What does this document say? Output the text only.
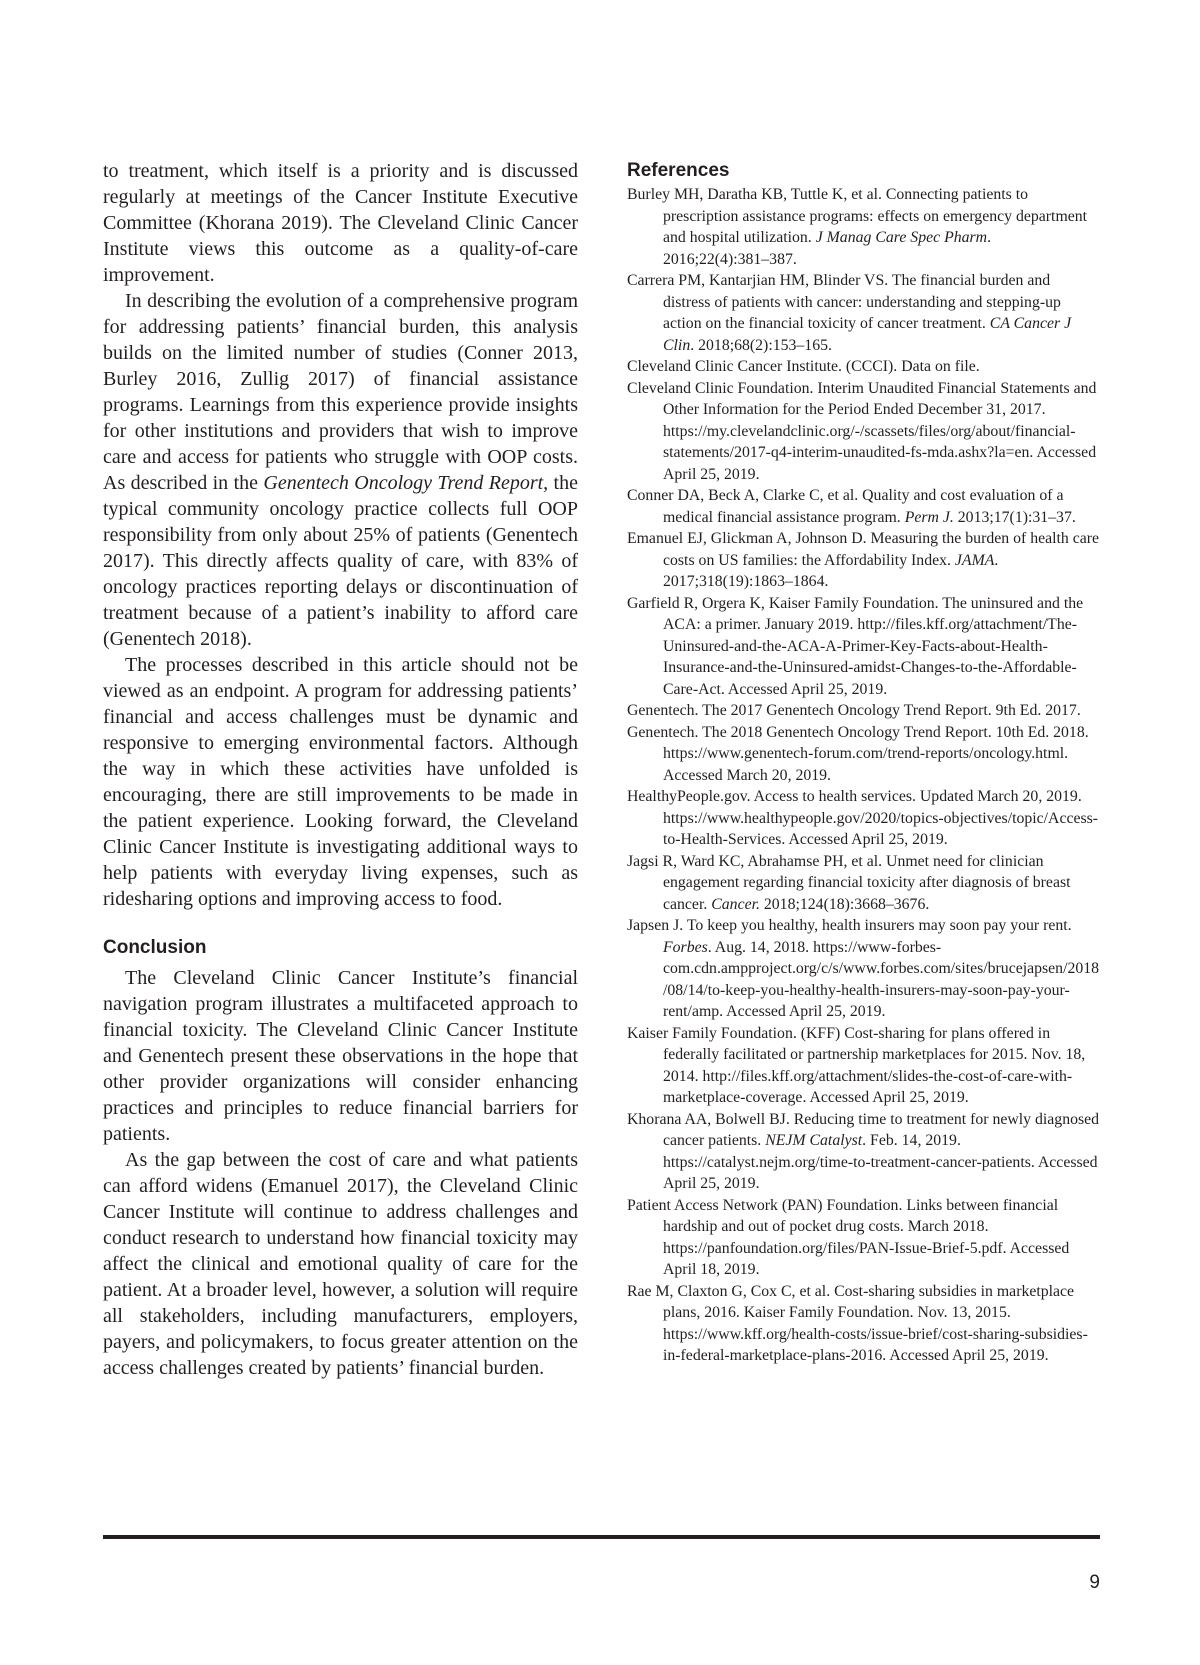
to treatment, which itself is a priority and is discussed regularly at meetings of the Cancer Institute Executive Committee (Khorana 2019). The Cleveland Clinic Cancer Institute views this outcome as a quality-of-care improvement.

In describing the evolution of a comprehensive program for addressing patients’ financial burden, this analysis builds on the limited number of studies (Conner 2013, Burley 2016, Zullig 2017) of financial assistance programs. Learnings from this experience provide insights for other institutions and providers that wish to improve care and access for patients who struggle with OOP costs. As described in the Genentech Oncology Trend Report, the typical community oncology practice collects full OOP responsibility from only about 25% of patients (Genentech 2017). This directly affects quality of care, with 83% of oncology practices reporting delays or discontinuation of treatment because of a patient’s inability to afford care (Genentech 2018).

The processes described in this article should not be viewed as an endpoint. A program for addressing patients’ financial and access challenges must be dynamic and responsive to emerging environmental factors. Although the way in which these activities have unfolded is encouraging, there are still improvements to be made in the patient experience. Looking forward, the Cleveland Clinic Cancer Institute is investigating additional ways to help patients with everyday living expenses, such as ridesharing options and improving access to food.

Conclusion

The Cleveland Clinic Cancer Institute’s financial navigation program illustrates a multifaceted approach to financial toxicity. The Cleveland Clinic Cancer Institute and Genentech present these observations in the hope that other provider organizations will consider enhancing practices and principles to reduce financial barriers for patients.

As the gap between the cost of care and what patients can afford widens (Emanuel 2017), the Cleveland Clinic Cancer Institute will continue to address challenges and conduct research to understand how financial toxicity may affect the clinical and emotional quality of care for the patient. At a broader level, however, a solution will require all stakeholders, including manufacturers, employers, payers, and policymakers, to focus greater attention on the access challenges created by patients’ financial burden.

References

Burley MH, Daratha KB, Tuttle K, et al. Connecting patients to prescription assistance programs: effects on emergency department and hospital utilization. J Manag Care Spec Pharm. 2016;22(4):381–387.

Carrera PM, Kantarjian HM, Blinder VS. The financial burden and distress of patients with cancer: understanding and stepping-up action on the financial toxicity of cancer treatment. CA Cancer J Clin. 2018;68(2):153–165.

Cleveland Clinic Cancer Institute. (CCCI). Data on file.

Cleveland Clinic Foundation. Interim Unaudited Financial Statements and Other Information for the Period Ended December 31, 2017. https://my.clevelandclinic.org/-/scassets/files/org/about/financial-statements/2017-q4-interim-unaudited-fs-mda.ashx?la=en. Accessed April 25, 2019.

Conner DA, Beck A, Clarke C, et al. Quality and cost evaluation of a medical financial assistance program. Perm J. 2013;17(1):31–37.

Emanuel EJ, Glickman A, Johnson D. Measuring the burden of health care costs on US families: the Affordability Index. JAMA. 2017;318(19):1863–1864.

Garfield R, Orgera K, Kaiser Family Foundation. The uninsured and the ACA: a primer. January 2019. http://files.kff.org/attachment/The-Uninsured-and-the-ACA-A-Primer-Key-Facts-about-Health-Insurance-and-the-Uninsured-amidst-Changes-to-the-Affordable-Care-Act. Accessed April 25, 2019.

Genentech. The 2017 Genentech Oncology Trend Report. 9th Ed. 2017.

Genentech. The 2018 Genentech Oncology Trend Report. 10th Ed. 2018. https://www.genentech-forum.com/trend-reports/oncology.html. Accessed March 20, 2019.

HealthyPeople.gov. Access to health services. Updated March 20, 2019. https://www.healthypeople.gov/2020/topics-objectives/topic/Access-to-Health-Services. Accessed April 25, 2019.

Jagsi R, Ward KC, Abrahamse PH, et al. Unmet need for clinician engagement regarding financial toxicity after diagnosis of breast cancer. Cancer. 2018;124(18):3668–3676.

Japsen J. To keep you healthy, health insurers may soon pay your rent. Forbes. Aug. 14, 2018. https://www-forbes-com.cdn.ampproject.org/c/s/www.forbes.com/sites/brucejapsen/2018/08/14/to-keep-you-healthy-health-insurers-may-soon-pay-your-rent/amp. Accessed April 25, 2019.

Kaiser Family Foundation. (KFF) Cost-sharing for plans offered in federally facilitated or partnership marketplaces for 2015. Nov. 18, 2014. http://files.kff.org/attachment/slides-the-cost-of-care-with-marketplace-coverage. Accessed April 25, 2019.

Khorana AA, Bolwell BJ. Reducing time to treatment for newly diagnosed cancer patients. NEJM Catalyst. Feb. 14, 2019. https://catalyst.nejm.org/time-to-treatment-cancer-patients. Accessed April 25, 2019.

Patient Access Network (PAN) Foundation. Links between financial hardship and out of pocket drug costs. March 2018. https://panfoundation.org/files/PAN-Issue-Brief-5.pdf. Accessed April 18, 2019.

Rae M, Claxton G, Cox C, et al. Cost-sharing subsidies in marketplace plans, 2016. Kaiser Family Foundation. Nov. 13, 2015. https://www.kff.org/health-costs/issue-brief/cost-sharing-subsidies-in-federal-marketplace-plans-2016. Accessed April 25, 2019.

9
